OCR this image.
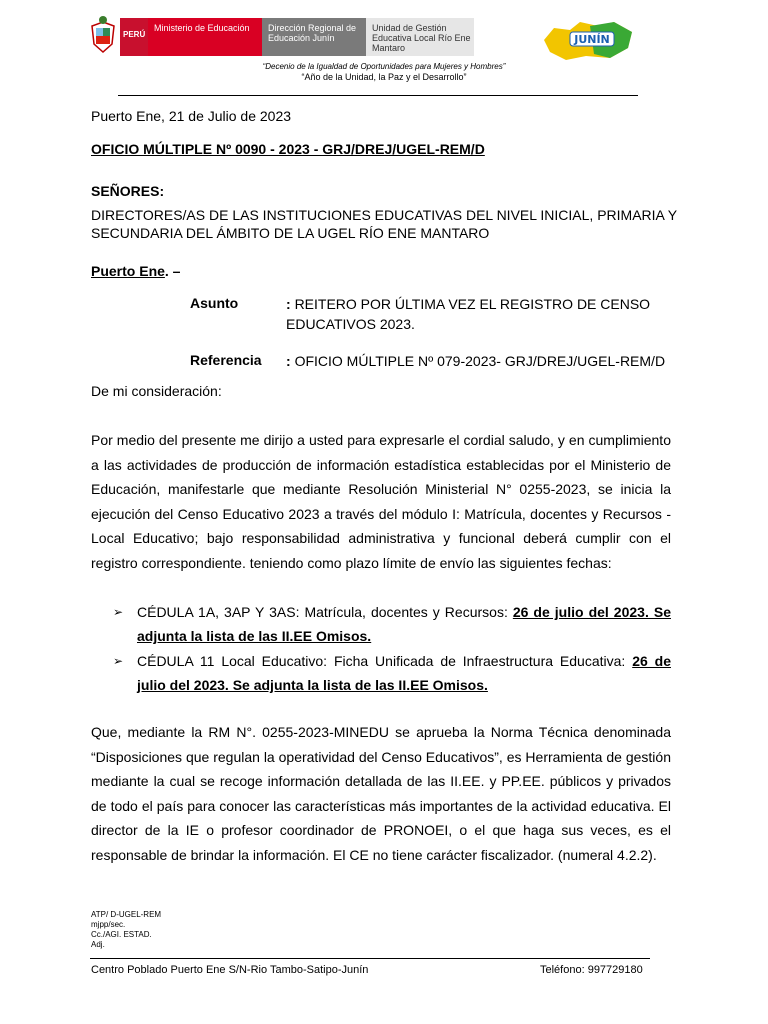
PERÚ
Ministerio de Educación	Dirección Regional de Educación Junín
Unidad de Gestión Educativa Local Río Ene Mantaro
JUNÍN
“Decenio de la Igualdad de Oportunidades para Mujeres y Hombres”
“Año de la Unidad, la Paz y el Desarrollo”
Puerto Ene, 21 de Julio de 2023
OFICIO MÚLTIPLE Nº 0090 - 2023 - GRJ/DREJ/UGEL-REM/D
SEÑORES:
DIRECTORES/AS DE LAS INSTITUCIONES EDUCATIVAS DEL NIVEL INICIAL, PRIMARIA Y SECUNDARIA DEL ÁMBITO DE LA UGEL RÍO ENE MANTARO
Puerto Ene. –
Asunto	: REITERO POR ÚLTIMA VEZ EL REGISTRO DE CENSO EDUCATIVOS 2023.
Referencia : OFICIO MÚLTIPLE Nº 079-2023- GRJ/DREJ/UGEL-REM/D
De mi consideración:
Por medio del presente me dirijo a usted para expresarle el cordial saludo, y en cumplimiento a las actividades de producción de información estadística establecidas por el Ministerio de Educación, manifestarle que mediante Resolución Ministerial N° 0255-2023, se inicia la ejecución del Censo Educativo 2023 a través del módulo I: Matrícula, docentes y Recursos - Local Educativo; bajo responsabilidad administrativa y funcional deberá cumplir con el registro correspondiente. teniendo como plazo límite de envío las siguientes fechas:
➢ CÉDULA 1A, 3AP Y 3AS: Matrícula, docentes y Recursos: 26 de julio del 2023. Se adjunta la lista de las II.EE Omisos.
➢ CÉDULA 11 Local Educativo: Ficha Unificada de Infraestructura Educativa: 26 de julio del 2023. Se adjunta la lista de las II.EE Omisos.
Que, mediante la RM N°. 0255-2023-MINEDU se aprueba la Norma Técnica denominada “Disposiciones que regulan la operatividad del Censo Educativos”, es Herramienta de gestión mediante la cual se recoge información detallada de las II.EE. y PP.EE. públicos y privados de todo el país para conocer las características más importantes de la actividad educativa. El director de la IE o profesor coordinador de PRONOEI, o el que haga sus veces, es el responsable de brindar la información. El CE no tiene carácter fiscalizador. (numeral 4.2.2).
ATP/ D-UGEL-REM
mjpp/sec.
Cc./AGI. ESTAD.
Adj.
Centro Poblado Puerto Ene S/N-Rio Tambo-Satipo-Junín	Teléfono: 997729180
